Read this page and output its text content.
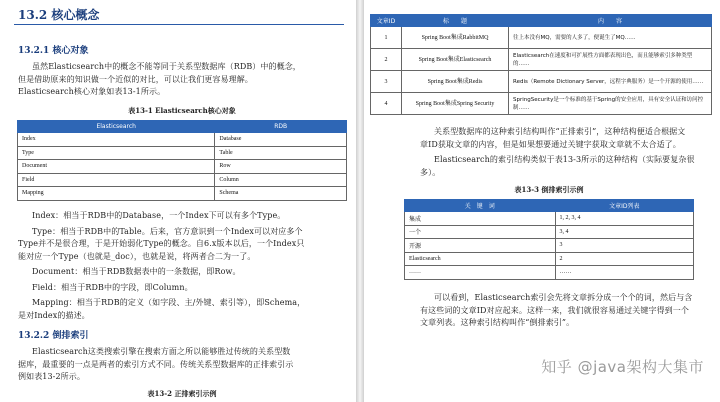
13.2 核心概念
13.2.1 核心对象

虽然Elasticsearch中的概念不能等同于关系型数据库（RDB）中的概念，

但是借助原来的知识做一个近似的对比，可以让我们更容易理解。

Elasticsearch核心对象如表13-1所示。

表13-1 Elasticsearch核心对象
Elasticsearch	RDB
Index	Database
Type	Table
Document	Row
Field	Column
Mapping	Schema

Index：相当于RDB中的Database，一个Index下可以有多个Type。

Type：相当于RDB中的Table。后来，官方意识到一个Index可以对应多个

Type并不是很合理，于是开始弱化Type的概念。自6.x版本以后，一个Index只

能对应一个Type（也就是_doc），也就是说，将两者合二为一了。

Document：相当于RDB数据表中的一条数据，即Row。

Field：相当于RDB中的字段，即Column。

Mapping：相当于RDB的定义（如字段、主/外键、索引等），即Schema，

是对Index的描述。

13.2.2 倒排索引

Elasticsearch这类搜索引擎在搜索方面之所以能够胜过传统的关系型数

据库，最重要的一点是两者的索引方式不同。传统关系型数据库的正排索引示

例如表13-2所示。

表13-2 正排索引示例
文章ID	标　　题	内　　容
1	Spring Boot集成RabbitMQ	往上本没有MQ，需要的人多了，便诞生了MQ……
2	Spring Boot集成Elasticsearch	Elasticsearch在速度和可扩展性方面都表现出色，而且能够索引多种类型的……
3	Spring Boot集成Redis	Redis（Remote Dictionary Server，远程字典服务）是一个开源的使用……
4	Spring Boot集成Spring Security	SpringSecurity是一个标准的基于Spring的安全应用，具有安全认证和访问控制……

关系型数据库的这种索引结构叫作“正排索引”，这种结构便适合根据文

章ID获取文章的内容，但是如果想要通过关键字获取文章就不太合适了。

Elasticsearch的索引结构类似于表13-3所示的这种结构（实际要复杂很

多）。

表13-3 倒排索引示例
关　键　词	文章ID列表
集成	1, 2, 3, 4
一个	3, 4
开源	3
Elasticsearch	2
……	……

可以看到，Elasticsearch索引会先将文章拆分成一个个的词，然后与含

有这些词的文章ID对应起来。这样一来，我们就很容易通过关键字得到一个

文章列表。这种索引结构叫作“倒排索引”。

知乎 @java架构大集市
